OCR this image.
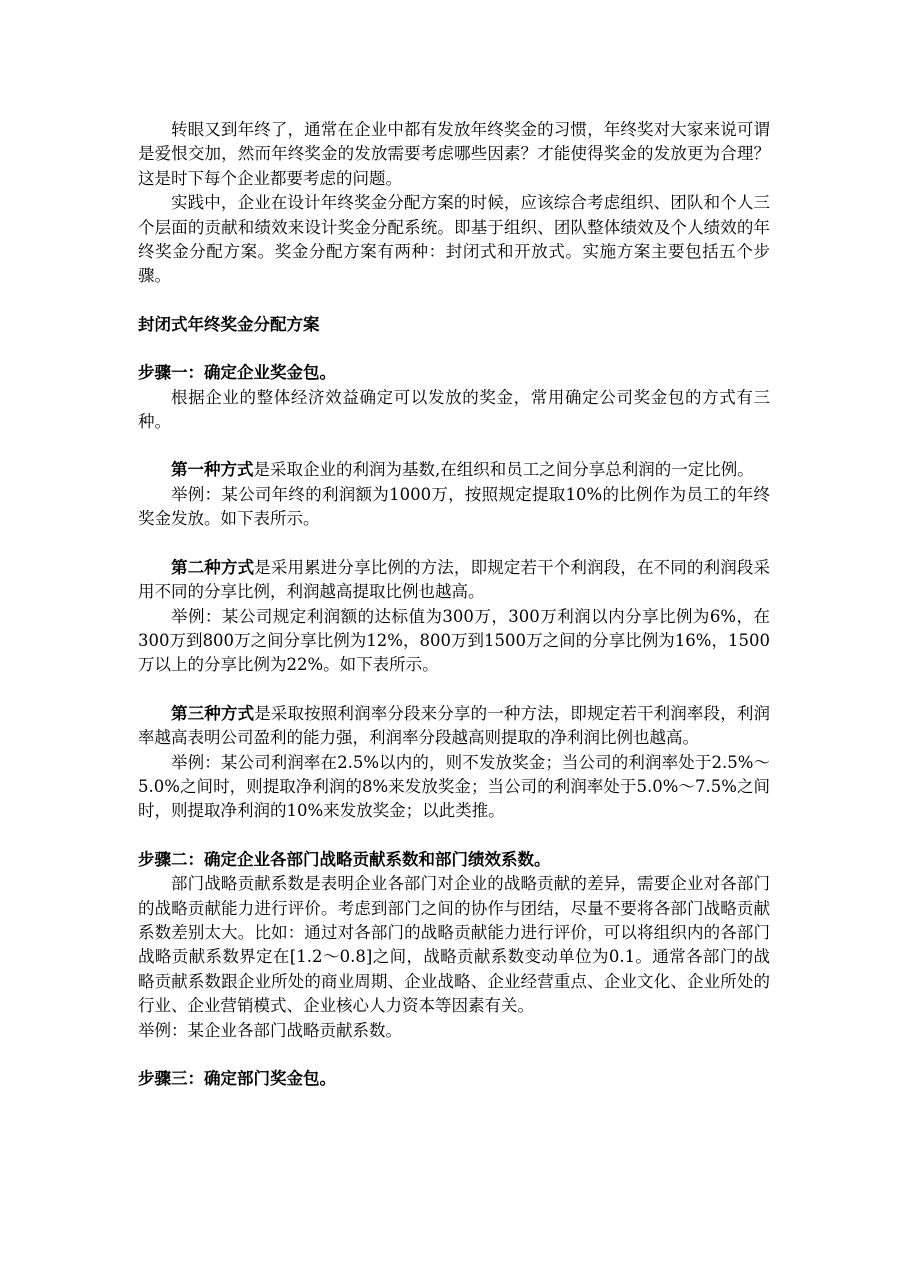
转眼又到年终了，通常在企业中都有发放年终奖金的习惯，年终奖对大家来说可谓是爱恨交加，然而年终奖金的发放需要考虑哪些因素？才能使得奖金的发放更为合理？这是时下每个企业都要考虑的问题。

实践中，企业在设计年终奖金分配方案的时候，应该综合考虑组织、团队和个人三个层面的贡献和绩效来设计奖金分配系统。即基于组织、团队整体绩效及个人绩效的年终奖金分配方案。奖金分配方案有两种：封闭式和开放式。实施方案主要包括五个步骤。

封闭式年终奖金分配方案

步骤一：确定企业奖金包。

根据企业的整体经济效益确定可以发放的奖金，常用确定公司奖金包的方式有三种。

第一种方式是采取企业的利润为基数,在组织和员工之间分享总利润的一定比例。

举例：某公司年终的利润额为1000万，按照规定提取10%的比例作为员工的年终奖金发放。如下表所示。

第二种方式是采用累进分享比例的方法，即规定若干个利润段，在不同的利润段采用不同的分享比例，利润越高提取比例也越高。

举例：某公司规定利润额的达标值为300万，300万利润以内分享比例为6%，在300万到800万之间分享比例为12%，800万到1500万之间的分享比例为16%，1500万以上的分享比例为22%。如下表所示。

第三种方式是采取按照利润率分段来分享的一种方法，即规定若干利润率段，利润率越高表明公司盈利的能力强，利润率分段越高则提取的净利润比例也越高。

举例：某公司利润率在2.5%以内的，则不发放奖金；当公司的利润率处于2.5%～5.0%之间时，则提取净利润的8%来发放奖金；当公司的利润率处于5.0%～7.5%之间时，则提取净利润的10%来发放奖金；以此类推。

步骤二：确定企业各部门战略贡献系数和部门绩效系数。

部门战略贡献系数是表明企业各部门对企业的战略贡献的差异，需要企业对各部门的战略贡献能力进行评价。考虑到部门之间的协作与团结，尽量不要将各部门战略贡献系数差别太大。比如：通过对各部门的战略贡献能力进行评价，可以将组织内的各部门战略贡献系数界定在[1.2～0.8]之间，战略贡献系数变动单位为0.1。通常各部门的战略贡献系数跟企业所处的商业周期、企业战略、企业经营重点、企业文化、企业所处的行业、企业营销模式、企业核心人力资本等因素有关。

举例：某企业各部门战略贡献系数。

步骤三：确定部门奖金包。
